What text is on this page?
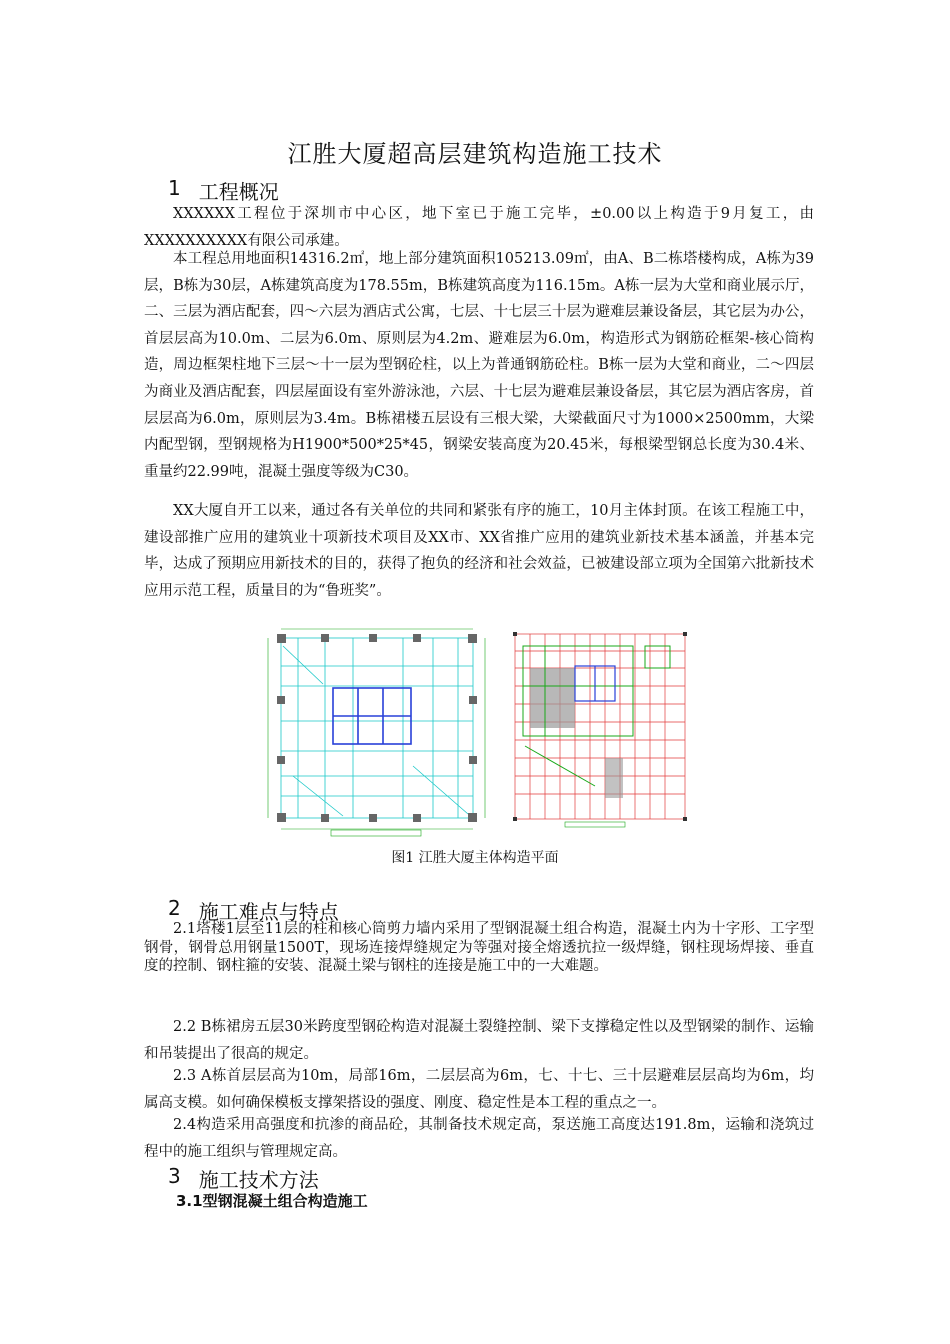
江胜大厦超高层建筑构造施工技术
1 工程概况

XXXXXX工程位于深圳市中心区，地下室已于施工完毕，±0.00以上构造于9月复工，由XXXXXXXXXX有限公司承建。

本工程总用地面积14316.2㎡，地上部分建筑面积105213.09㎡，由A、B二栋塔楼构成，A栋为39层，B栋为30层，A栋建筑高度为178.55m，B栋建筑高度为116.15m。A栋一层为大堂和商业展示厅，二、三层为酒店配套，四～六层为酒店式公寓，七层、十七层三十层为避难层兼设备层，其它层为办公，首层层高为10.0m、二层为6.0m、原则层为4.2m、避难层为6.0m，构造形式为钢筋砼框架-核心筒构造，周边框架柱地下三层～十一层为型钢砼柱，以上为普通钢筋砼柱。B栋一层为大堂和商业，二～四层为商业及酒店配套，四层屋面设有室外游泳池，六层、十七层为避难层兼设备层，其它层为酒店客房，首层层高为6.0m，原则层为3.4m。B栋裙楼五层设有三根大梁，大梁截面尺寸为1000×2500mm，大梁内配型钢，型钢规格为H1900*500*25*45，钢梁安装高度为20.45米，每根梁型钢总长度为30.4米、重量约22.99吨，混凝土强度等级为C30。

XX大厦自开工以来，通过各有关单位的共同和紧张有序的施工，10月主体封顶。在该工程施工中，建设部推广应用的建筑业十项新技术项目及XX市、XX省推广应用的建筑业新技术基本涵盖，并基本完毕，达成了预期应用新技术的目的，获得了抱负的经济和社会效益，已被建设部立项为全国第六批新技术应用示范工程，质量目的为“鲁班奖”。

图1 江胜大厦主体构造平面
2 施工难点与特点

2.1塔楼1层至11层的柱和核心筒剪力墙内采用了型钢混凝土组合构造，混凝土内为十字形、工字型钢骨，钢骨总用钢量1500T，现场连接焊缝规定为等强对接全熔透抗拉一级焊缝，钢柱现场焊接、垂直度的控制、钢柱箍的安装、混凝土梁与钢柱的连接是施工中的一大难题。

2.2 B栋裙房五层30米跨度型钢砼构造对混凝土裂缝控制、梁下支撑稳定性以及型钢梁的制作、运输和吊装提出了很高的规定。

2.3 A栋首层层高为10m，局部16m，二层层高为6m，七、十七、三十层避难层层高均为6m，均属高支模。如何确保模板支撑架搭设的强度、刚度、稳定性是本工程的重点之一。

2.4构造采用高强度和抗渗的商品砼，其制备技术规定高，泵送施工高度达191.8m，运输和浇筑过程中的施工组织与管理规定高。

3 施工技术方法
3.1型钢混凝土组合构造施工
